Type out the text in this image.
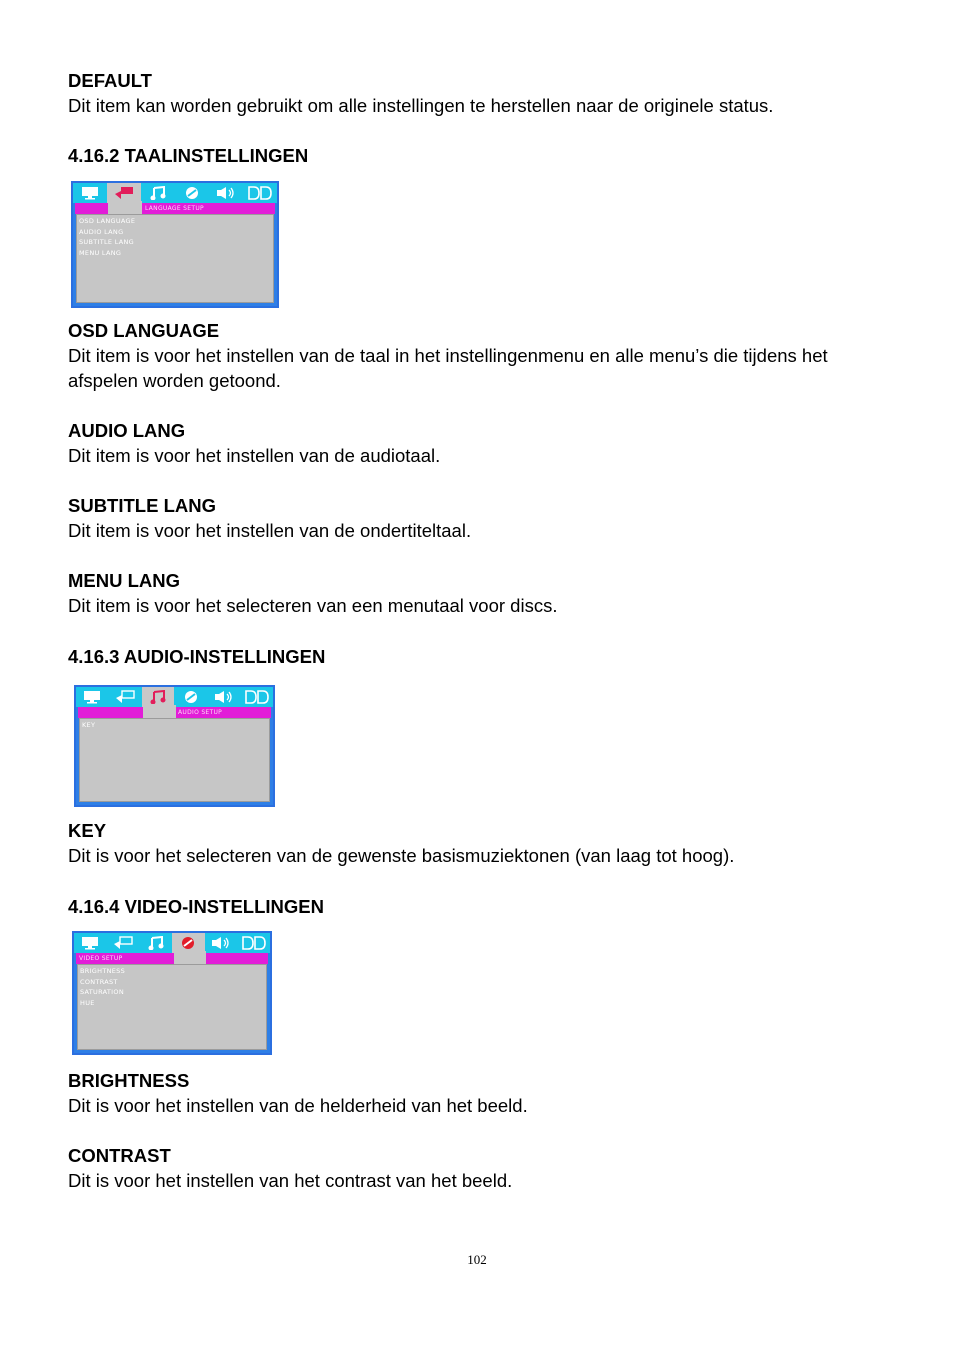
DEFAULT

Dit item kan worden gebruikt om alle instellingen te herstellen naar de originele status.

4.16.2 TAALINSTELLINGEN

LANGUAGE SETUP
OSD LANGUAGE
AUDIO LANG
SUBTITLE LANG
MENU LANG

OSD LANGUAGE

Dit item is voor het instellen van de taal in het instellingenmenu en alle menu’s die tijdens het

afspelen worden getoond.

AUDIO LANG

Dit item is voor het instellen van de audiotaal.

SUBTITLE LANG

Dit item is voor het instellen van de ondertiteltaal.

MENU LANG

Dit item is voor het selecteren van een menutaal voor discs.

4.16.3 AUDIO-INSTELLINGEN

AUDIO SETUP
KEY

KEY

Dit is voor het selecteren van de gewenste basismuziektonen (van laag tot hoog).

4.16.4 VIDEO-INSTELLINGEN

VIDEO SETUP
BRIGHTNESS
CONTRAST
SATURATION
HUE

BRIGHTNESS

Dit is voor het instellen van de helderheid van het beeld.

CONTRAST

Dit is voor het instellen van het contrast van het beeld.

102
